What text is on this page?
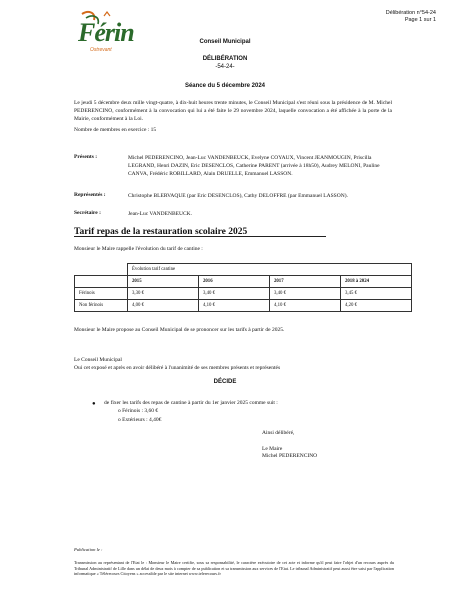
Férin
Ostrevant
Délibération n°54-24
Page 1 sur 1
Conseil Municipal
DÉLIBÉRATION
-54-24-
Séance du 5 décembre 2024
Le jeudi 5 décembre deux mille vingt-quatre, à dix-huit heures trente minutes, le Conseil Municipal s'est réuni sous la présidence de M. Michel PEDERENCINO, conformément à la convocation qui lui a été faite le 29 novembre 2024, laquelle convocation a été affichée à la porte de la Mairie, conformément à la Loi.
Nombre de membres en exercice : 15
Présents :	Michel PEDERENCINO, Jean-Luc VANDENBEUCK, Evelyne COYAUX, Vincent JEANMOUGIN, Priscilla LEGRAND, Henri DAZIN, Eric DESENCLOS, Catherine PARENT (arrivée à 18h50), Audrey MELONI, Pauline CANVA, Frédéric ROBILLARD, Alain DRUELLE, Emmanuel LASSON.
Représentés :	Christophe BLERVAQUE (par Eric DESENCLOS), Cathy DELOFFRE (par Emmanuel LASSON).
Secrétaire :	Jean-Luc VANDENBEUCK.
Tarif repas de la restauration scolaire 2025
Monsieur le Maire rappelle l'évolution du tarif de cantine :
	Évolution tarif cantine			
	2015	2016	2017	2018 à 2024
Férinois	3,30 €	3,40 €	3,40 €	3,45 €
Non férinois	4,00 €	4,10 €	4,10 €	4,20 €
Monsieur le Maire propose au Conseil Municipal de se prononcer sur les tarifs à partir de 2025.
Le Conseil Municipal
Oui cet exposé et après en avoir délibéré à l'unanimité de ses membres présents et représentés
DÉCIDE
● de fixer les tarifs des repas de cantine à partir du 1er janvier 2025 comme suit :
o Férinois : 3,60 €
o Extérieurs : 4,40€
Ainsi délibéré,
Le Maire
Michel PEDERENCINO
Publication le :
Transmission au représentant de l'Etat le : Monsieur le Maire certifie, sous sa responsabilité, le caractère exécutoire de cet acte et informe qu'il peut faire l'objet d'un recours auprès du Tribunal Administratif de Lille dans un délai de deux mois à compter de sa publication et sa transmission aux services de l'Etat. Le tribunal Administratif peut aussi être saisi par l'application informatique « Télérecours Citoyens » accessible par le site internet www.telerecours.fr
